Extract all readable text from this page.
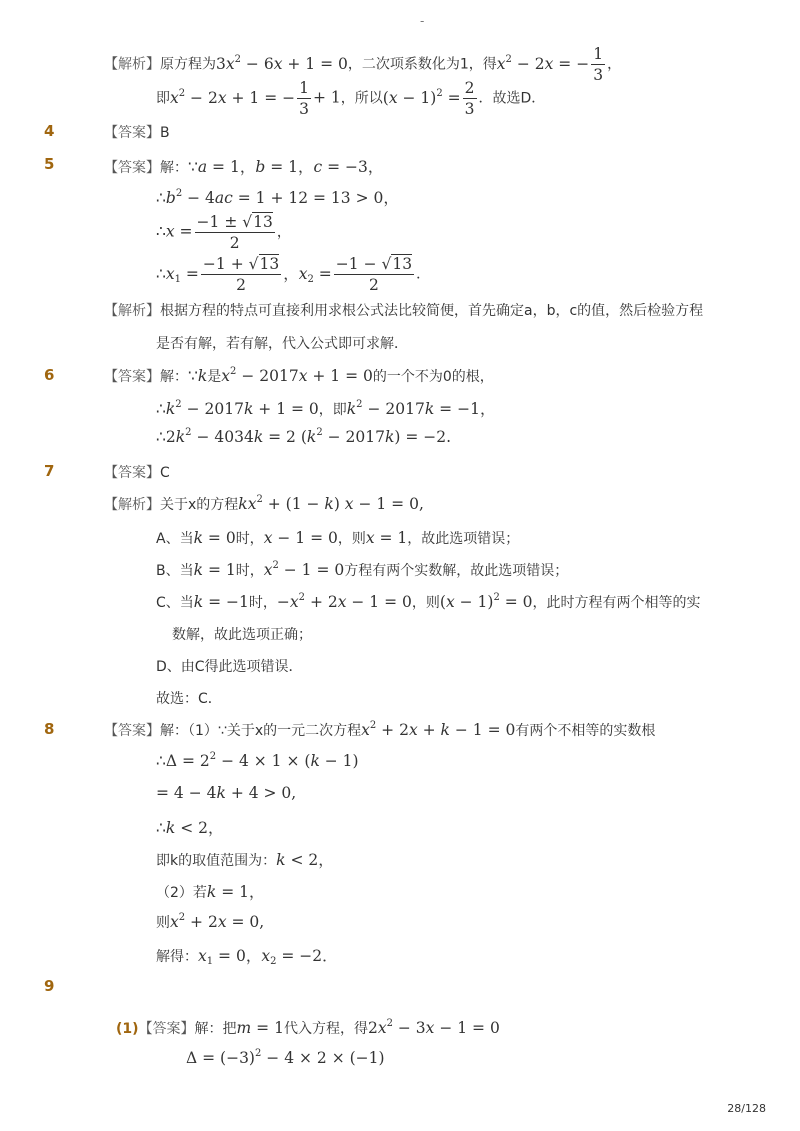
-
【解析】原方程为$3x^2 - 6x + 1 = 0$，二次项系数化为1，得$x^2 - 2x$ = − $\frac{1}{3}$ ，
即$x^2 - 2x + 1$ = − $\frac{1}{3} + 1$，所以$(x - 1)^2 = \frac{2}{3}$ ．故选D．
4	【答案】B
5	【答案】解：∵a = 1，b = 1，c = −3，
$\therefore b^2 - 4ac = 1 + 12 = 13 > 0$，
∴x = $\frac{-1 \pm √13}{2}$ ，
$\therefore x_1 = \frac{-1 + √13}{2}$ ，$x_2 = \frac{-1 - √13}{2}$ ．
【解析】根据方程的特点可直接利用求根公式法比较简便，首先确定a，b，c的值，然后检验方程
是否有解，若有解，代入公式即可求解．
6	【答案】解：∵k是$x^2 - 2017x + 1 = 0$的一个不为0的根，
$\therefore k^2 - 2017k + 1 = 0$，即$k^2 - 2017k = -1$，
$\therefore 2k^2 - 4034k = 2$ $(k^2 - 2017k) = -2$.
7	【答案】C
【解析】关于x的方程$kx^2 + (1 - k) x - 1 = 0$,
A、当k = 0时，x − 1 = 0，则x = 1，故此选项错误；
B、当k = 1时，$x^2 - 1 = 0$方程有两个实数解，故此选项错误；
C、当k = −1时，$-x^2 + 2x - 1 = 0$，则$(x - 1)^2 = 0$，此时方程有两个相等的实
数解，故此选项正确；
D、由C得此选项错误．
故选：C．
8	【答案】解：（1）∵关于x的一元二次方程$x^2 + 2x + k - 1 = 0$有两个不相等的实数根
∴Δ = $2^2 - 4 \times 1 \times (k - 1)$
= 4 − 4k + 4 > 0,
∴k < 2，
即k的取值范围为：k < 2，
（2）若k = 1，
则$x^2 + 2x = 0$,
解得：$x_1 = 0$，$x_2 = -2$．
9
(1)【答案】解：把m = 1代入方程，得$2x^2 - 3x - 1 = 0$
$\Delta = (-3)^2 - 4 \times 2 \times (-1)$
28/128
